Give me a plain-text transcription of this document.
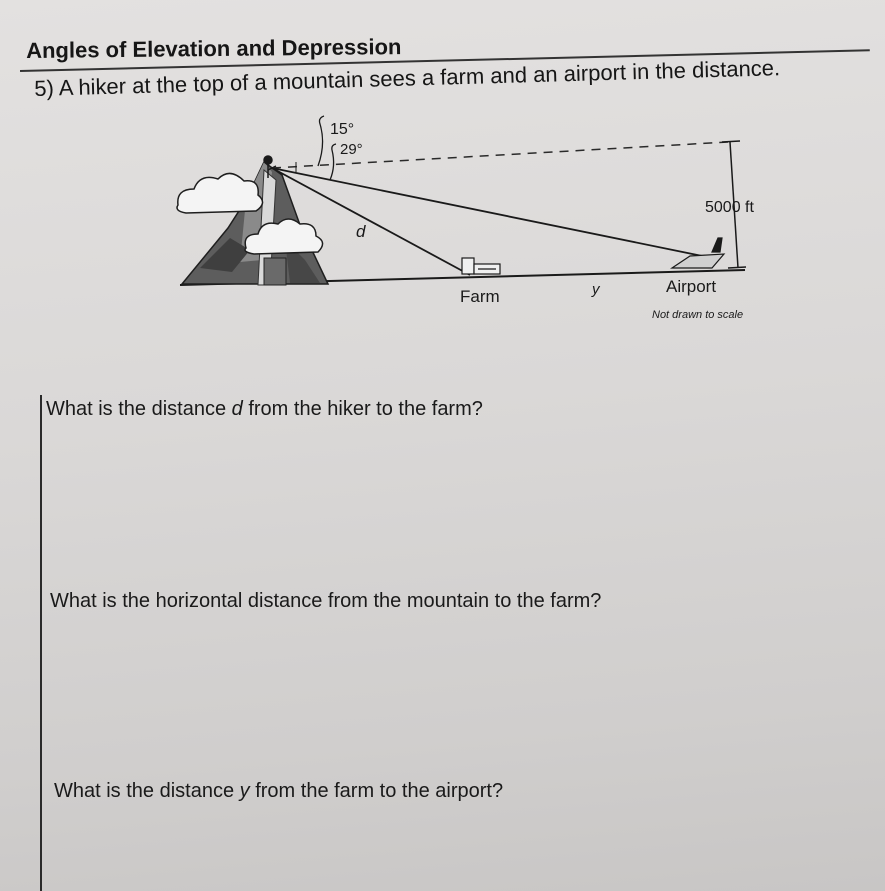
Angles of Elevation and Depression
5) A hiker at the top of a mountain sees a farm and an airport in the distance.
15°
29°
d
5000 ft
Farm	y	Airport
Not drawn to scale
What is the distance d from the hiker to the farm?
What is the horizontal distance from the mountain to the farm?
What is the distance y from the farm to the airport?
